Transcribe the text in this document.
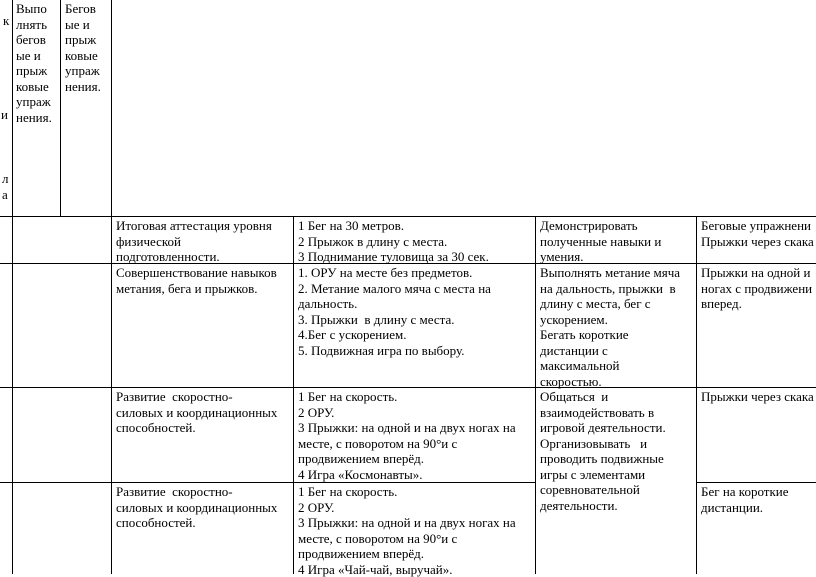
к
и
л
а
Выпо
лнять
бегов
ые и
прыж
ковые
упраж
нения.
Бегов
ые и
прыж
ковые
упраж
нения.
Итоговая аттестация уровня
физической
подготовленности.
1 Бег на 30 метров.
2 Прыжок в длину с места.
3 Поднимание туловища за 30 сек.
Демонстрировать
полученные навыки и
умения.
Беговые упражнени
Прыжки через скака
Совершенствование навыков
метания, бега и прыжков.
1. ОРУ на месте без предметов.
2. Метание малого мяча с места на
дальность.
3. Прыжки  в длину с места.
4.Бег с ускорением.
5. Подвижная игра по выбору.
Выполнять метание мяча
на дальность, прыжки  в
длину с места, бег с
ускорением.
Бегать короткие
дистанции с
максимальной
скоростью.
Прыжки на одной и
ногах с продвижени
вперед.
Развитие  скоростно-
силовых и координационных
способностей.
1 Бег на скорость.
2 ОРУ.
3 Прыжки: на одной и на двух ногах на
месте, с поворотом на 90°и с
продвижением вперёд.
4 Игра «Космонавты».
Общаться  и
взаимодействовать в
игровой деятельности.
Организовывать   и
проводить подвижные
игры с элементами
соревновательной
деятельности.
Прыжки через скака
Развитие  скоростно-
силовых и координационных
способностей.
1 Бег на скорость.
2 ОРУ.
3 Прыжки: на одной и на двух ногах на
месте, с поворотом на 90°и с
продвижением вперёд.
4 Игра «Чай-чай, выручай».
Бег на короткие
дистанции.
